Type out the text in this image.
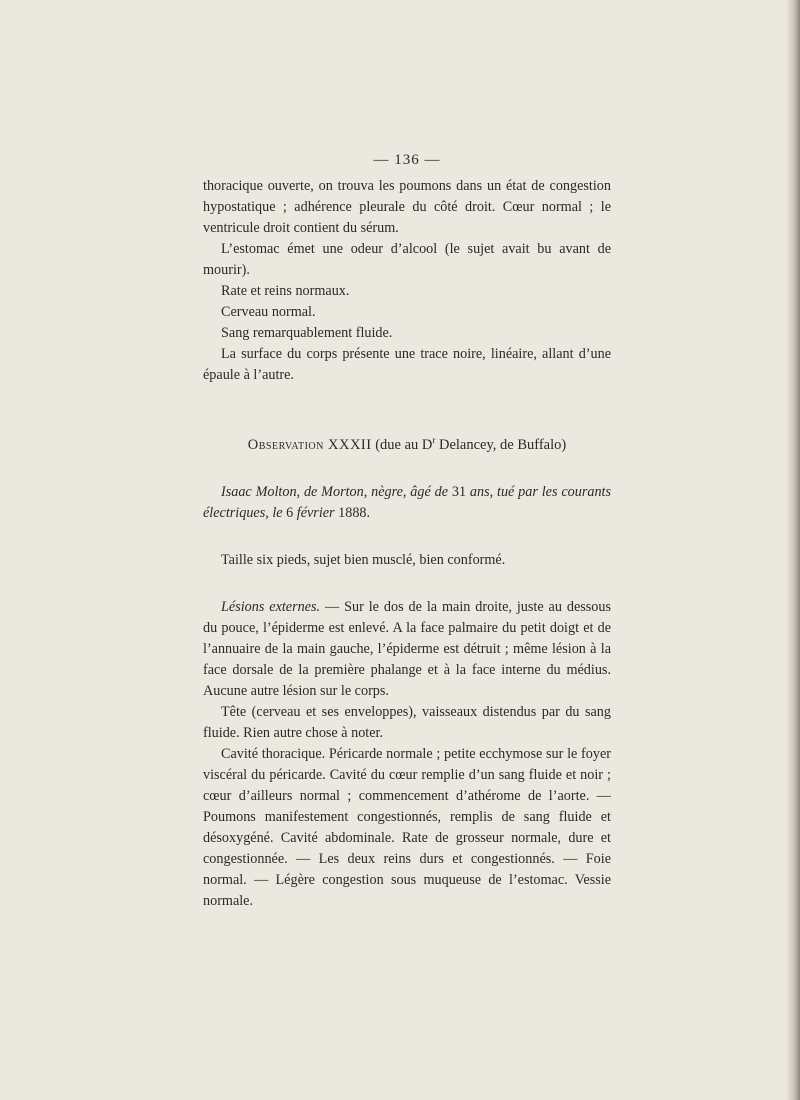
— 136 —

thoracique ouverte, on trouva les poumons dans un état de congestion hypostatique ; adhérence pleurale du côté droit. Cœur normal ; le ventricule droit contient du sérum.

L’estomac émet une odeur d’alcool (le sujet avait bu avant de mourir).

Rate et reins normaux.

Cerveau normal.

Sang remarquablement fluide.

La surface du corps présente une trace noire, linéaire, allant d’une épaule à l’autre.

Observation XXXII (due au $D^r$ Delancey, de Buffalo)

Isaac Molton, de Morton, nègre, âgé de 31 ans, tué par les courants électriques, le 6 février 1888.

Taille six pieds, sujet bien musclé, bien conformé.

Lésions externes. — Sur le dos de la main droite, juste au dessous du pouce, l’épiderme est enlevé. A la face palmaire du petit doigt et de l’annuaire de la main gauche, l’épiderme est détruit ; même lésion à la face dorsale de la première phalange et à la face interne du médius. Aucune autre lésion sur le corps.

Tête (cerveau et ses enveloppes), vaisseaux distendus par du sang fluide. Rien autre chose à noter.

Cavité thoracique. Péricarde normale ; petite ecchymose sur le foyer viscéral du péricarde. Cavité du cœur remplie d’un sang fluide et noir ; cœur d’ailleurs normal ; commencement d’athérome de l’aorte. — Poumons manifestement congestionnés, remplis de sang fluide et désoxygéné. Cavité abdominale. Rate de grosseur normale, dure et congestionnée. — Les deux reins durs et congestionnés. — Foie normal. — Légère congestion sous muqueuse de l’estomac. Vessie normale.
